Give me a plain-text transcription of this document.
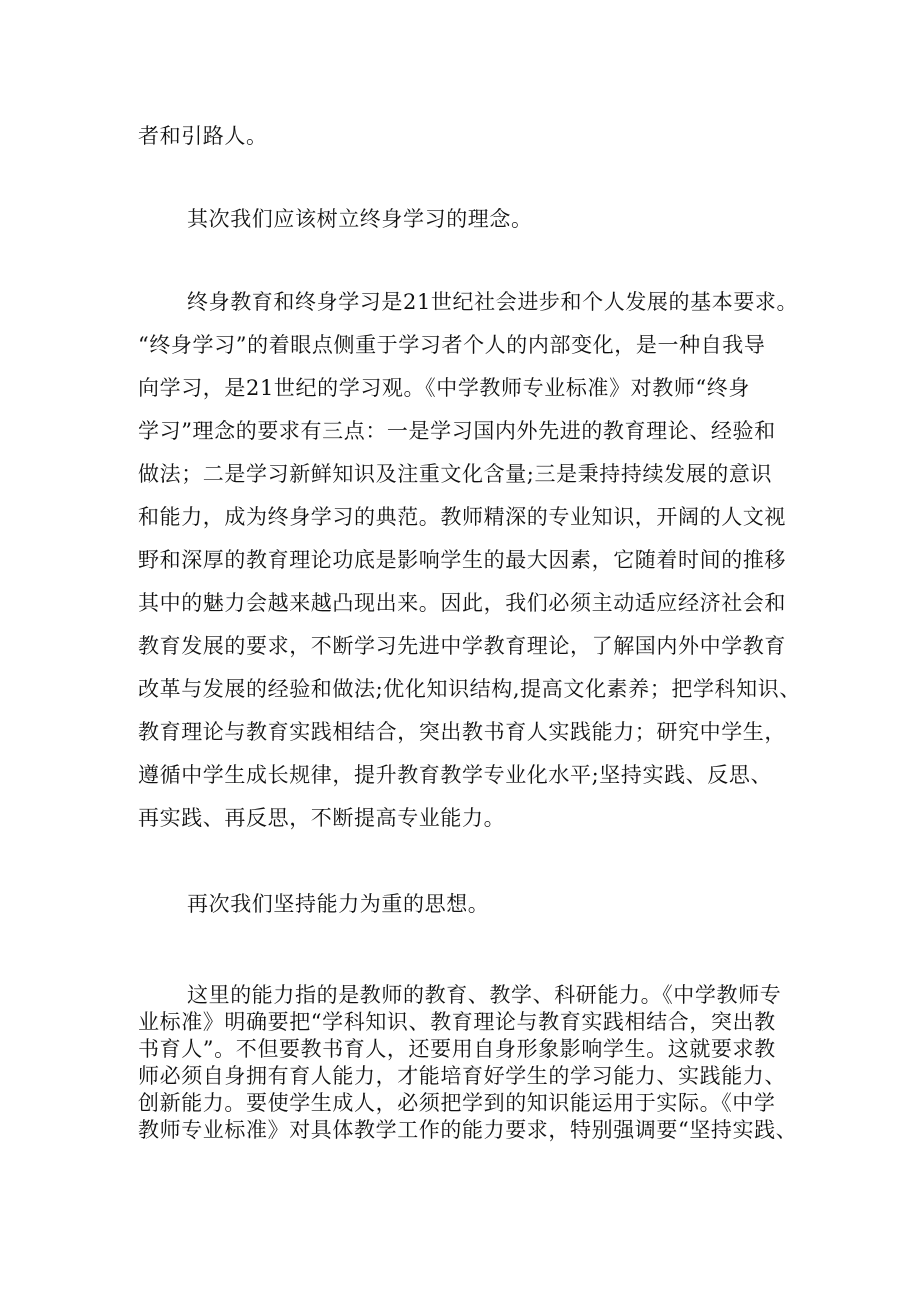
者和引路人。
其次我们应该树立终身学习的理念。
终身教育和终身学习是21世纪社会进步和个人发展的基本要求。
“终身学习”的着眼点侧重于学习者个人的内部变化，是一种自我导
向学习，是21世纪的学习观。《中学教师专业标准》对教师“终身
学习”理念的要求有三点：一是学习国内外先进的教育理论、经验和
做法；二是学习新鲜知识及注重文化含量;三是秉持持续发展的意识
和能力，成为终身学习的典范。教师精深的专业知识，开阔的人文视
野和深厚的教育理论功底是影响学生的最大因素，它随着时间的推移
其中的魅力会越来越凸现出来。因此，我们必须主动适应经济社会和
教育发展的要求，不断学习先进中学教育理论，了解国内外中学教育
改革与发展的经验和做法;优化知识结构,提高文化素养；把学科知识、
教育理论与教育实践相结合，突出教书育人实践能力；研究中学生，
遵循中学生成长规律，提升教育教学专业化水平;坚持实践、反思、
再实践、再反思，不断提高专业能力。
再次我们坚持能力为重的思想。
这里的能力指的是教师的教育、教学、科研能力。《中学教师专
业标准》明确要把“学科知识、教育理论与教育实践相结合，突出教
书育人”。不但要教书育人，还要用自身形象影响学生。这就要求教
师必须自身拥有育人能力，才能培育好学生的学习能力、实践能力、
创新能力。要使学生成人，必须把学到的知识能运用于实际。《中学
教师专业标准》对具体教学工作的能力要求，特别强调要“坚持实践、
